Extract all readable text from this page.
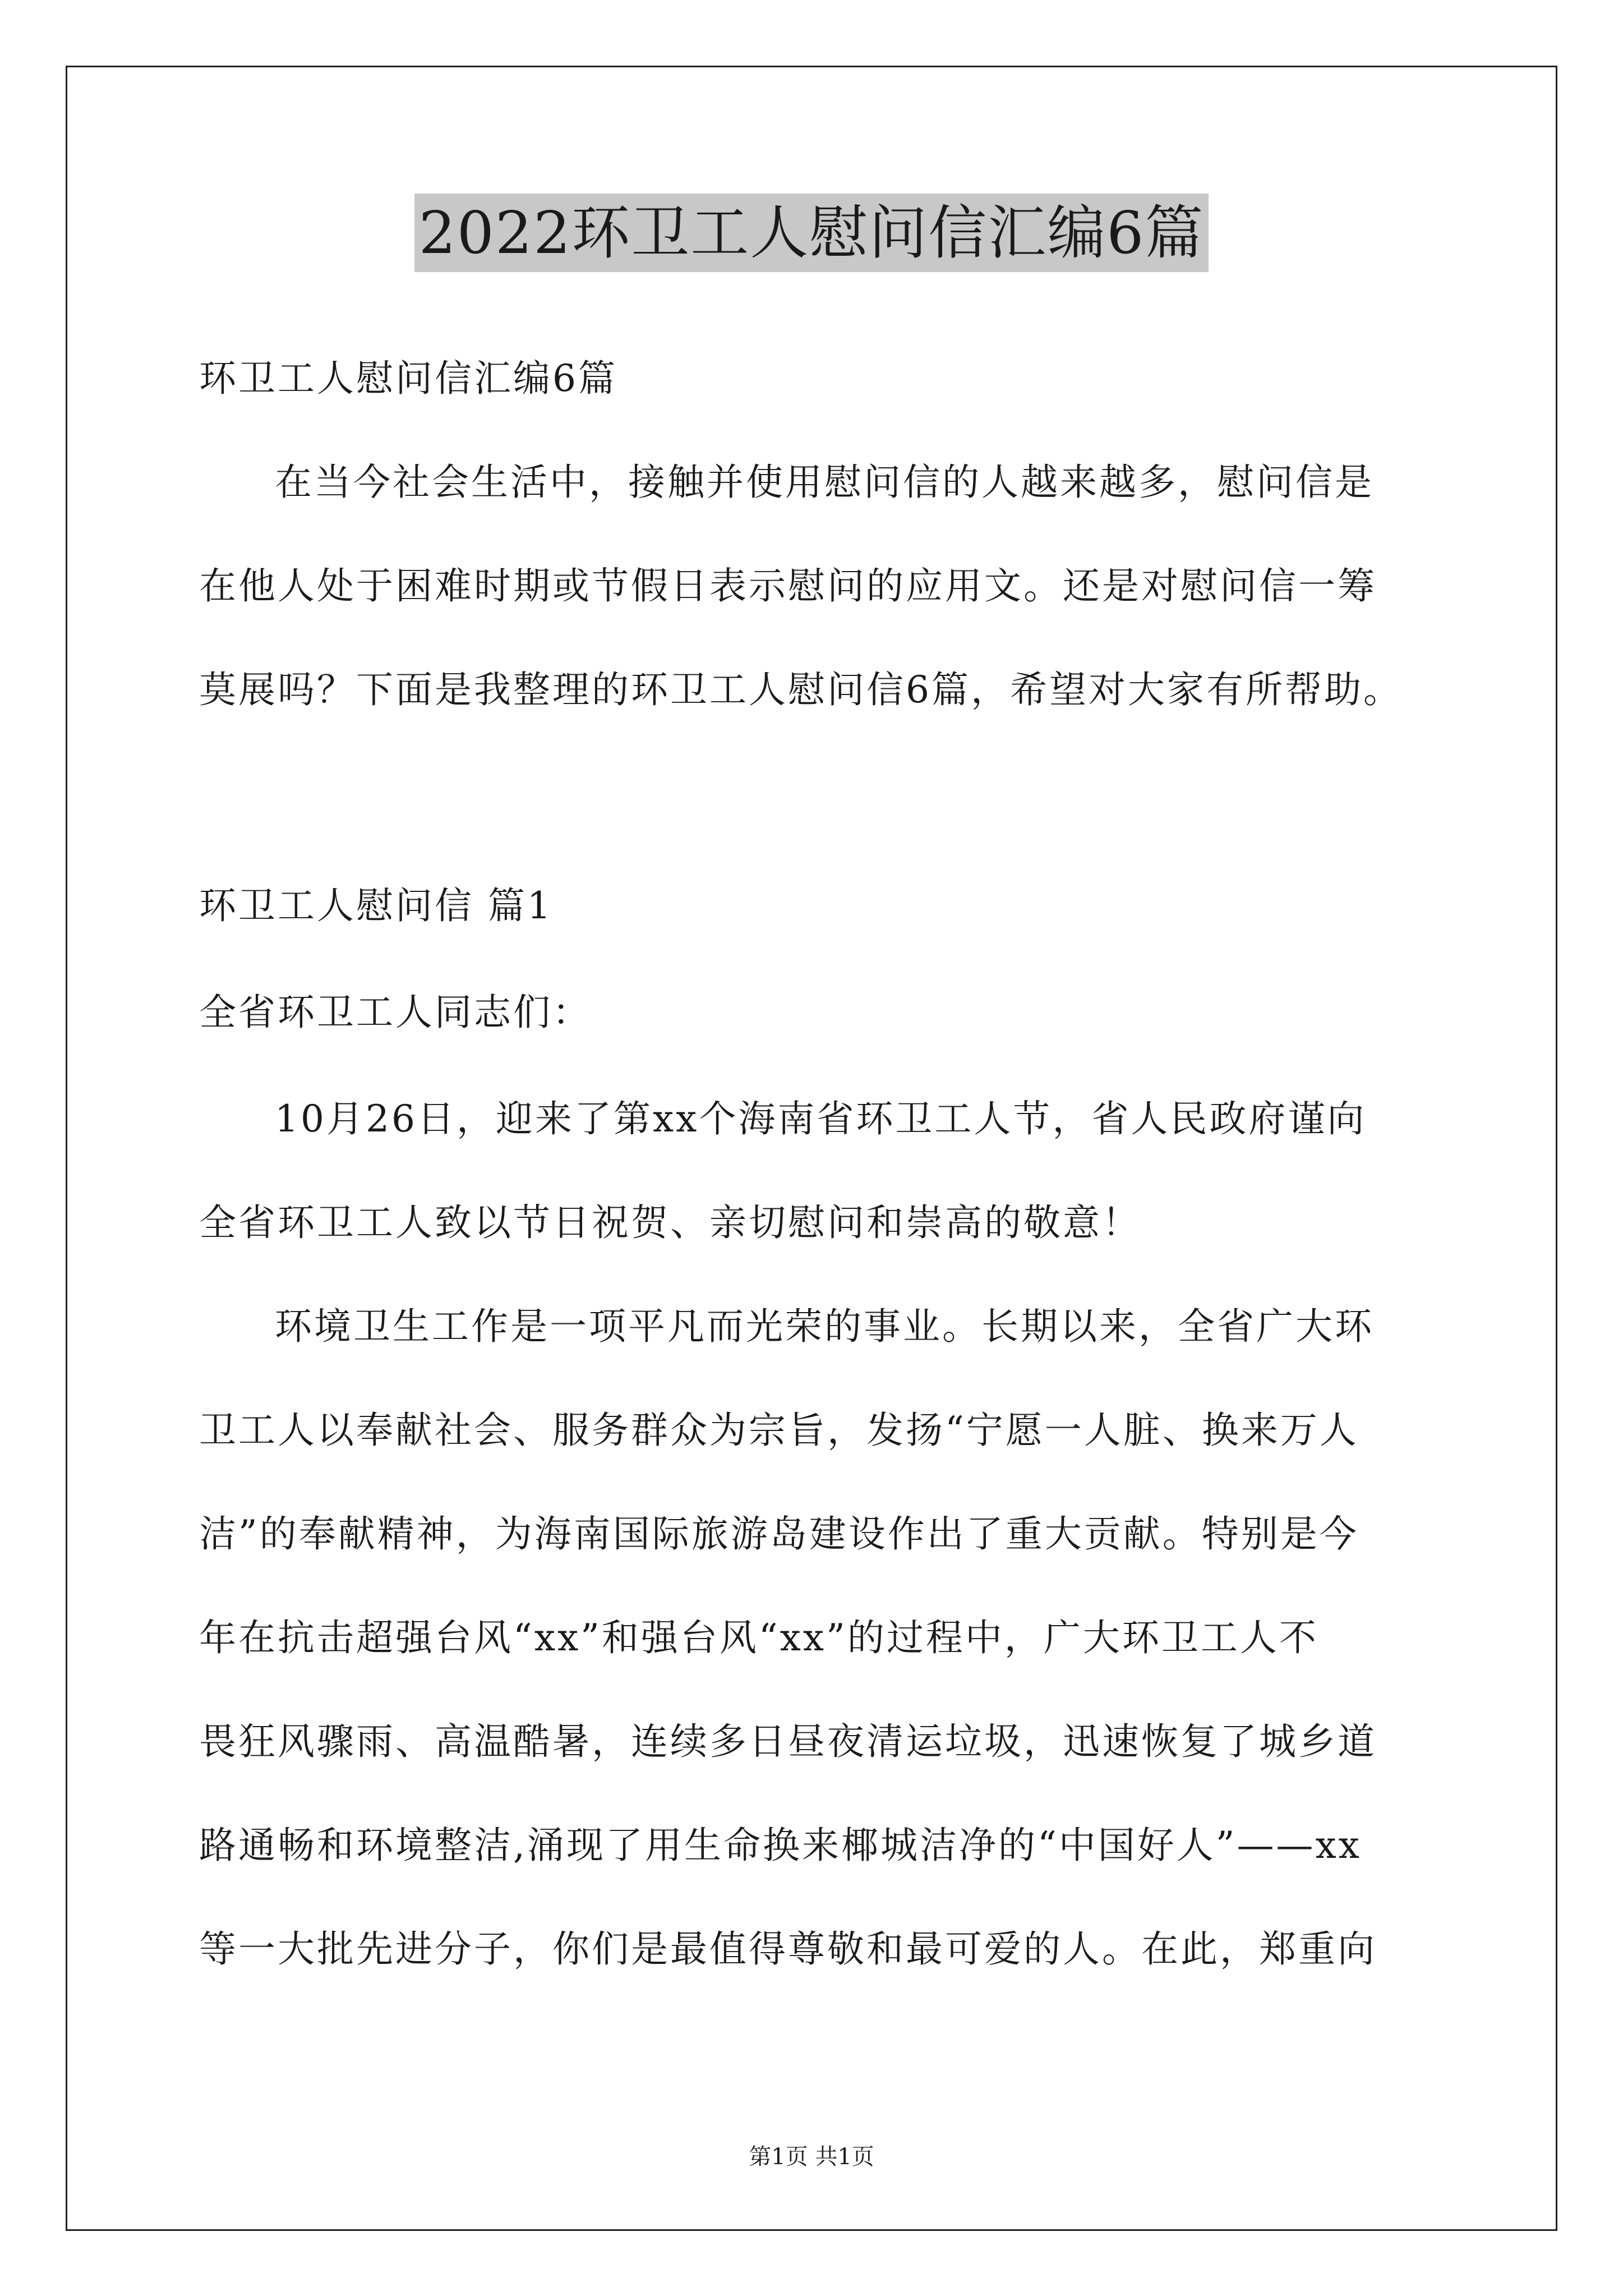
2022环卫工人慰问信汇编6篇
环卫工人慰问信汇编6篇
在当今社会生活中，接触并使用慰问信的人越来越多，慰问信是
在他人处于困难时期或节假日表示慰问的应用文。还是对慰问信一筹
莫展吗？下面是我整理的环卫工人慰问信6篇，希望对大家有所帮助。
环卫工人慰问信 篇1
全省环卫工人同志们：
10月26日，迎来了第xx个海南省环卫工人节，省人民政府谨向
全省环卫工人致以节日祝贺、亲切慰问和崇高的敬意！
环境卫生工作是一项平凡而光荣的事业。长期以来，全省广大环
卫工人以奉献社会、服务群众为宗旨，发扬“宁愿一人脏、换来万人
洁”的奉献精神，为海南国际旅游岛建设作出了重大贡献。特别是今
年在抗击超强台风“xx”和强台风“xx”的过程中，广大环卫工人不
畏狂风骤雨、高温酷暑，连续多日昼夜清运垃圾，迅速恢复了城乡道
路通畅和环境整洁,涌现了用生命换来椰城洁净的“中国好人”——xx
等一大批先进分子，你们是最值得尊敬和最可爱的人。在此，郑重向
第1页 共1页
